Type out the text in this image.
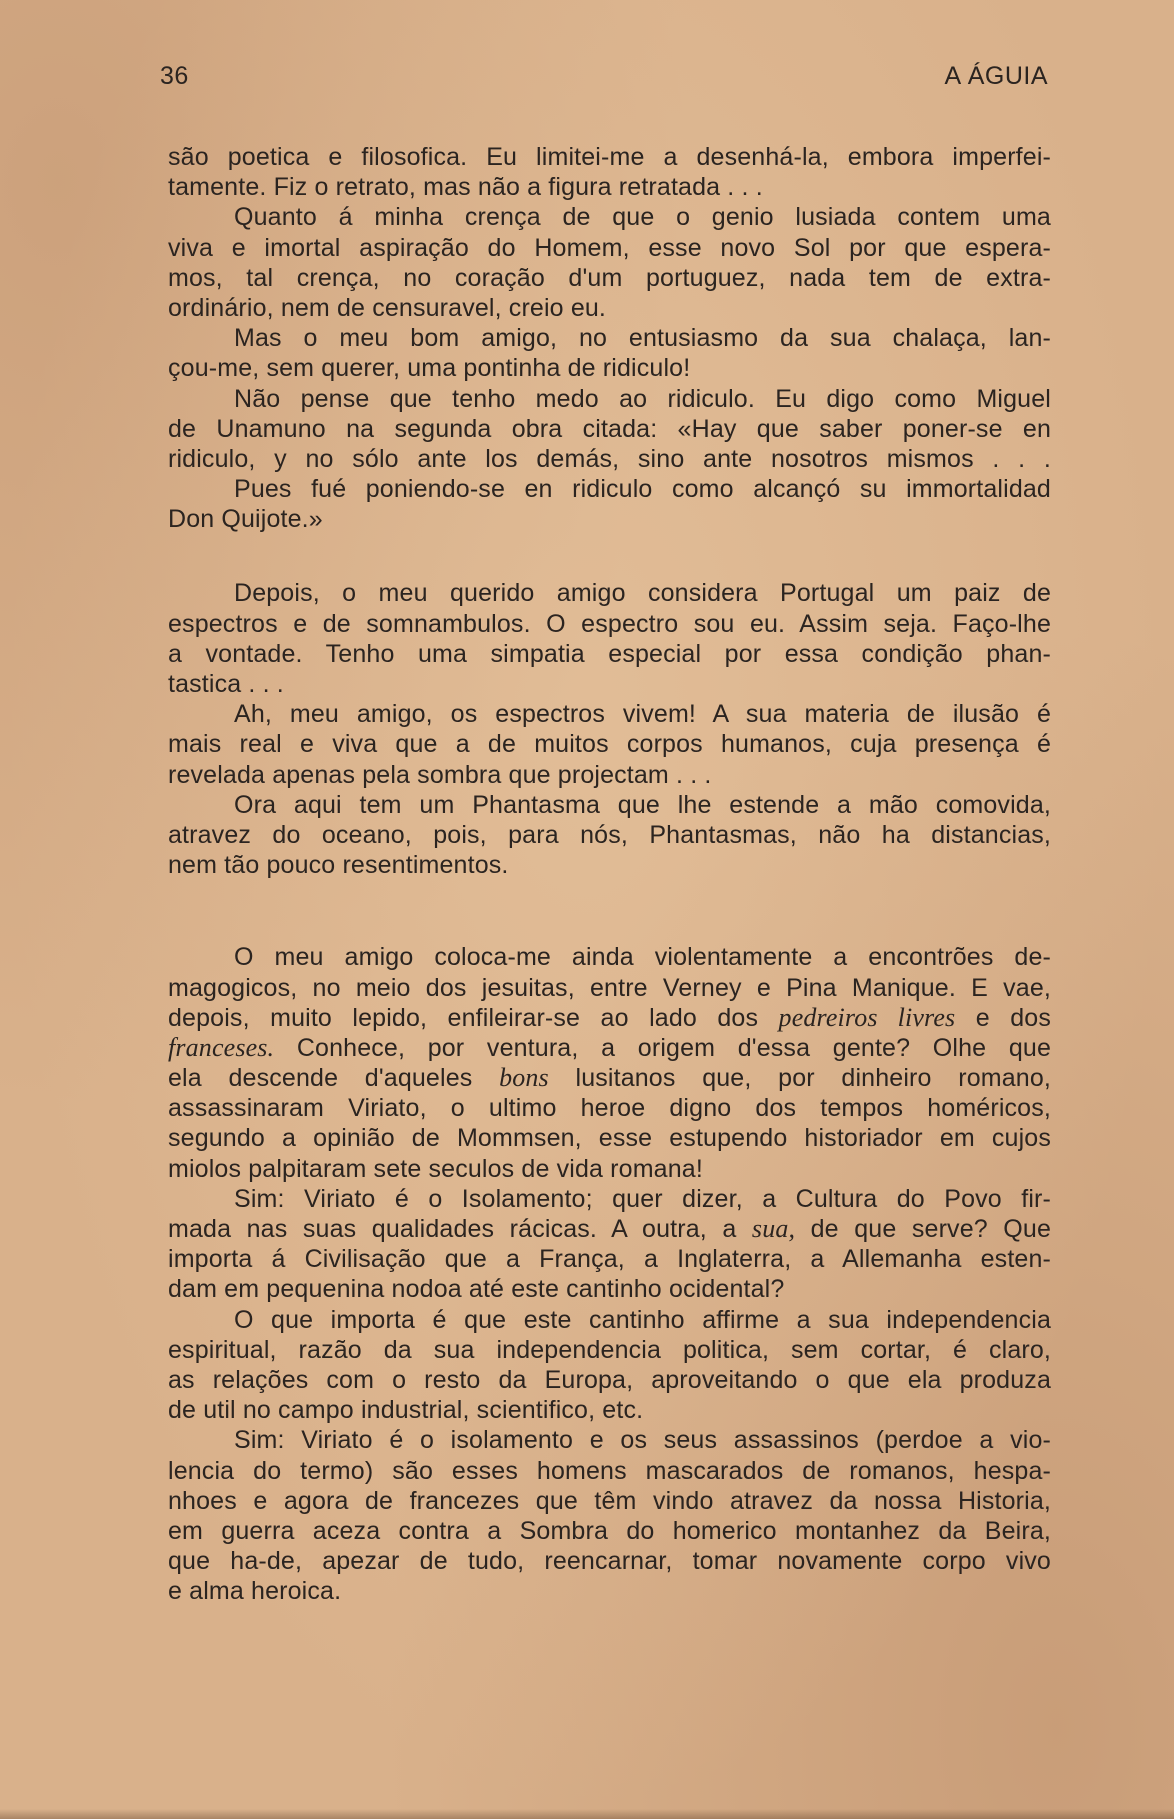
36	A ÁGUIA
são poetica e filosofica. Eu limitei-me a desenhá-la, embora imperfei-
tamente. Fiz o retrato, mas não a figura retratada . . .
Quanto á minha crença de que o genio lusiada contem uma
viva e imortal aspiração do Homem, esse novo Sol por que espera-
mos, tal crença, no coração d'um portuguez, nada tem de extra-
ordinário, nem de censuravel, creio eu.
Mas o meu bom amigo, no entusiasmo da sua chalaça, lan-
çou-me, sem querer, uma pontinha de ridiculo!
Não pense que tenho medo ao ridiculo. Eu digo como Miguel
de Unamuno na segunda obra citada: «Hay que saber poner-se en
ridiculo, y no sólo ante los demás, sino ante nosotros mismos . . .
Pues fué poniendo-se en ridiculo como alcançó su immortalidad
Don Quijote.»
Depois, o meu querido amigo considera Portugal um paiz de
espectros e de somnambulos. O espectro sou eu. Assim seja. Faço-lhe
a vontade. Tenho uma simpatia especial por essa condição phan-
tastica . . .
Ah, meu amigo, os espectros vivem! A sua materia de ilusão é
mais real e viva que a de muitos corpos humanos, cuja presença é
revelada apenas pela sombra que projectam . . .
Ora aqui tem um Phantasma que lhe estende a mão comovida,
atravez do oceano, pois, para nós, Phantasmas, não ha distancias,
nem tão pouco resentimentos.
O meu amigo coloca-me ainda violentamente a encontrões de-
magogicos, no meio dos jesuitas, entre Verney e Pina Manique. E vae,
depois, muito lepido, enfileirar-se ao lado dos pedreiros livres e dos
franceses. Conhece, por ventura, a origem d'essa gente? Olhe que
ela descende d'aqueles bons lusitanos que, por dinheiro romano,
assassinaram Viriato, o ultimo heroe digno dos tempos homéricos,
segundo a opinião de Mommsen, esse estupendo historiador em cujos
miolos palpitaram sete seculos de vida romana!
Sim: Viriato é o Isolamento; quer dizer, a Cultura do Povo fir-
mada nas suas qualidades rácicas. A outra, a sua, de que serve? Que
importa á Civilisação que a França, a Inglaterra, a Allemanha esten-
dam em pequenina nodoa até este cantinho ocidental?
O que importa é que este cantinho affirme a sua independencia
espiritual, razão da sua independencia politica, sem cortar, é claro,
as relações com o resto da Europa, aproveitando o que ela produza
de util no campo industrial, scientifico, etc.
Sim: Viriato é o isolamento e os seus assassinos (perdoe a vio-
lencia do termo) são esses homens mascarados de romanos, hespa-
nhoes e agora de francezes que têm vindo atravez da nossa Historia,
em guerra aceza contra a Sombra do homerico montanhez da Beira,
que ha-de, apezar de tudo, reencarnar, tomar novamente corpo vivo
e alma heroica.
